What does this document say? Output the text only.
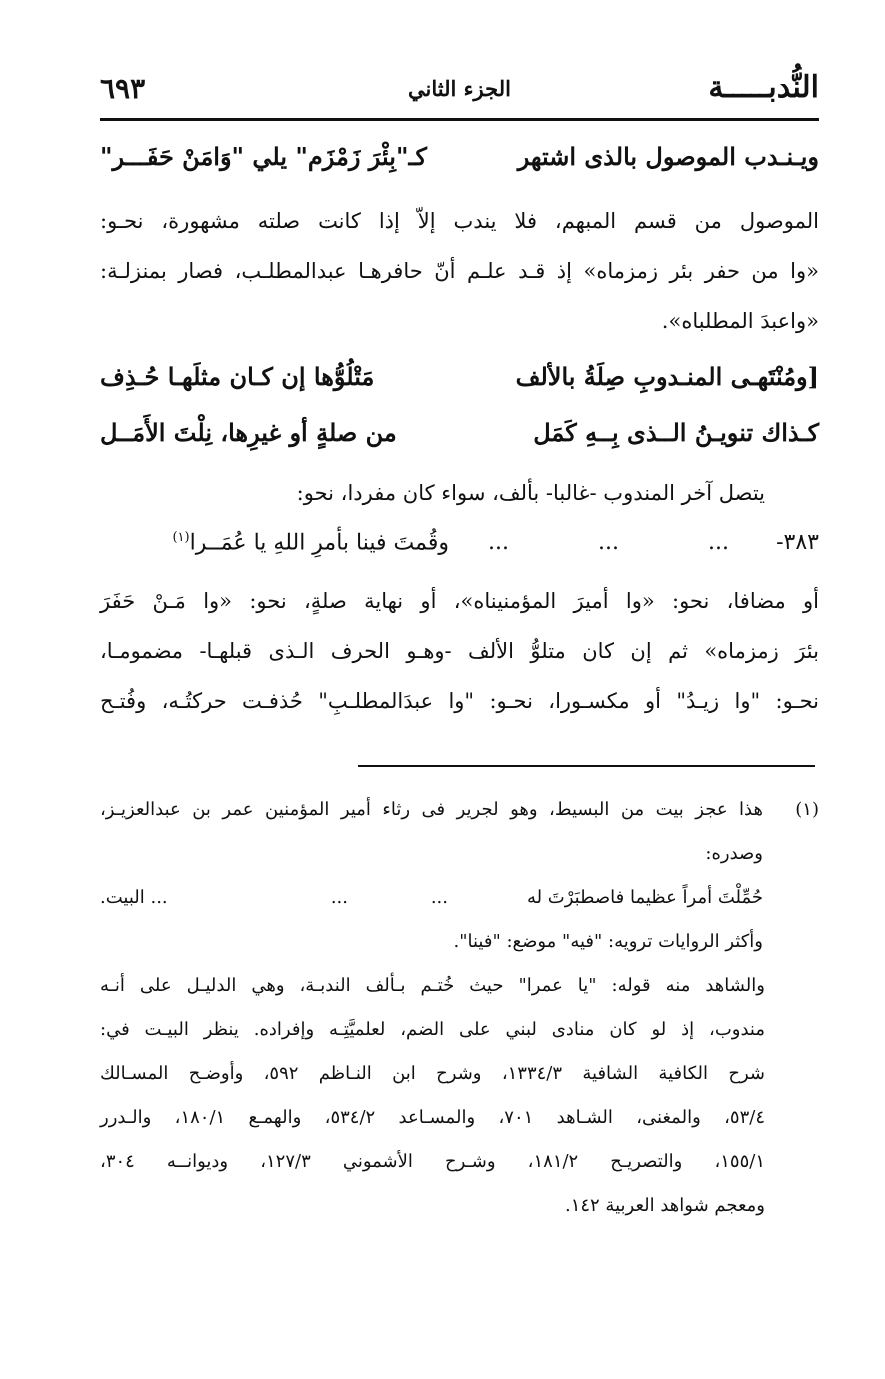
النُّدبـــــة
الجزء الثاني
٦٩٣
ويـنـدب الموصول بالذى اشتهر
كـ"بِئْرَ زَمْزَم" يلي "وَامَنْ حَفَـــر"
الموصول من قسم المبهم، فلا يندب إلاّ إذا كانت صلته مشهورة، نحـو:
«وا من حفر بئر زمزماه» إذ قـد علـم أنّ حافرهـا عبدالمطلـب، فصار بمنزلـة:
«واعبدَ المطلباه».
[ومُنْتَهـى المنـدوبِ صِلَةُ بالألف
مَتْلُوُّها إن كـان مثلَهـا حُـذِف
كـذاك تنويـنُ الــذى بِــهِ كَمَل
من صلةٍ أو غيرِها، نِلْتَ الأَمَــل
يتصل آخر المندوب -غالبا- بألف، سواء كان مفردا، نحو:
٣٨٣-
...
...
...
وقُمتَ فينا بأمرِ اللهِ يا عُمَــرا$^{(١)}$
أو مضافا، نحو: «وا أميرَ المؤمنيناه»، أو نهاية صلةٍ، نحو: «وا مَـنْ حَفَرَ
بئرَ زمزماه» ثم إن كان متلوُّ الألف -وهـو الحرف الـذى قبلهـا- مضمومـا،
نحـو: "وا زيـدُ" أو مكسـورا، نحـو: "وا عبدَالمطلـبِ" حُذفـت حركتُـه، وفُتـح
(١)
هذا عجز بيت من البسيط، وهو لجرير فى رثاء أمير المؤمنين عمر بن عبدالعزيـز،
وصدره:
حُمِّلْتَ أمراً عظيما فاصطبَرْتَ له
...
...
... البيت.
وأكثر الروايات ترويه: "فيه" موضع: "فينا".
والشاهد منه قوله: "يا عمرا" حيث خُتـم بـألف الندبـة، وهي الدليـل على أنـه
مندوب، إذ لو كان منادى لبني على الضم، لعلميَّتِـه وإفراده. ينظر البيـت في:
شرح الكافية الشافية ١٣٣٤/٣، وشرح ابن النـاظم ٥٩٢، وأوضـح المسـالك
٥٣/٤، والمغنى، الشـاهد ٧٠١، والمسـاعد ٥٣٤/٢، والهمـع ١٨٠/١، والـدرر
١٥٥/١، والتصريـح ١٨١/٢، وشـرح الأشموني ١٢٧/٣، وديوانــه ٣٠٤،
ومعجم شواهد العربية ١٤٢.
